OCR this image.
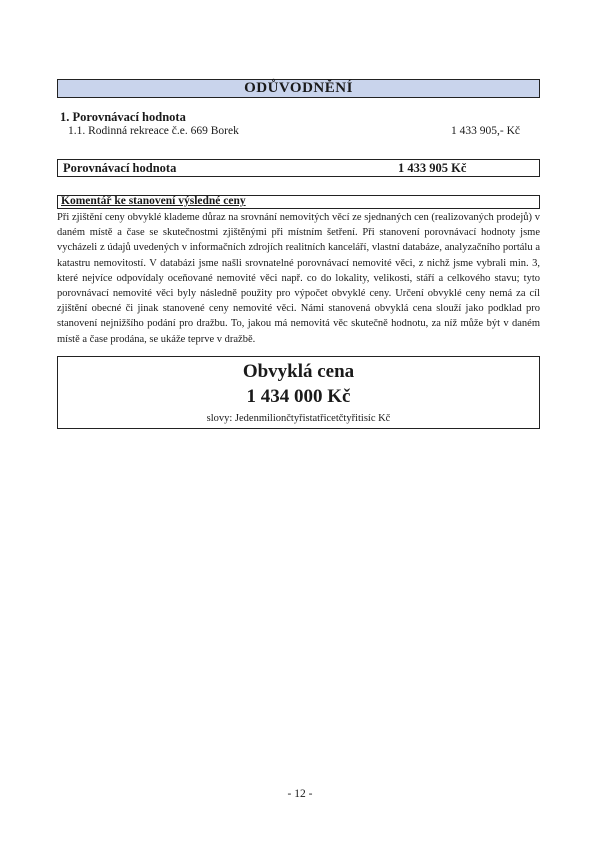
ODŮVODNĚNÍ
1. Porovnávací hodnota
1.1. Rodinná rekreace č.e. 669 Borek	1 433 905,- Kč
Porovnávací hodnota	1 433 905 Kč
Komentář ke stanovení výsledné ceny

Při zjištění ceny obvyklé klademe důraz na srovnání nemovitých věcí ze sjednaných cen (realizovaných prodejů) v daném místě a čase se skutečnostmi zjištěnými při místním šetření. Při stanovení porovnávací hodnoty jsme vycházeli z údajů uvedených v informačních zdrojích realitních kanceláří, vlastní databáze, analyzačního portálu a katastru nemovitostí. V databázi jsme našli srovnatelné porovnávací nemovité věci, z nichž jsme vybrali min. 3, které nejvíce odpovídaly oceňované nemovité věci např. co do lokality, velikosti, stáří a celkového stavu; tyto porovnávací nemovité věci byly následně použity pro výpočet obvyklé ceny. Určení obvyklé ceny nemá za cíl zjištění obecné či jinak stanovené ceny nemovité věci. Námi stanovená obvyklá cena slouží jako podklad pro stanovení nejnižšího podání pro dražbu. To, jakou má nemovitá věc skutečně hodnotu, za níž může být v daném místě a čase prodána, se ukáže teprve v dražbě.

Obvyklá cena
1 434 000 Kč
slovy: Jedenmiliončtyřistatřicetčtyřitisíc Kč
- 12 -
